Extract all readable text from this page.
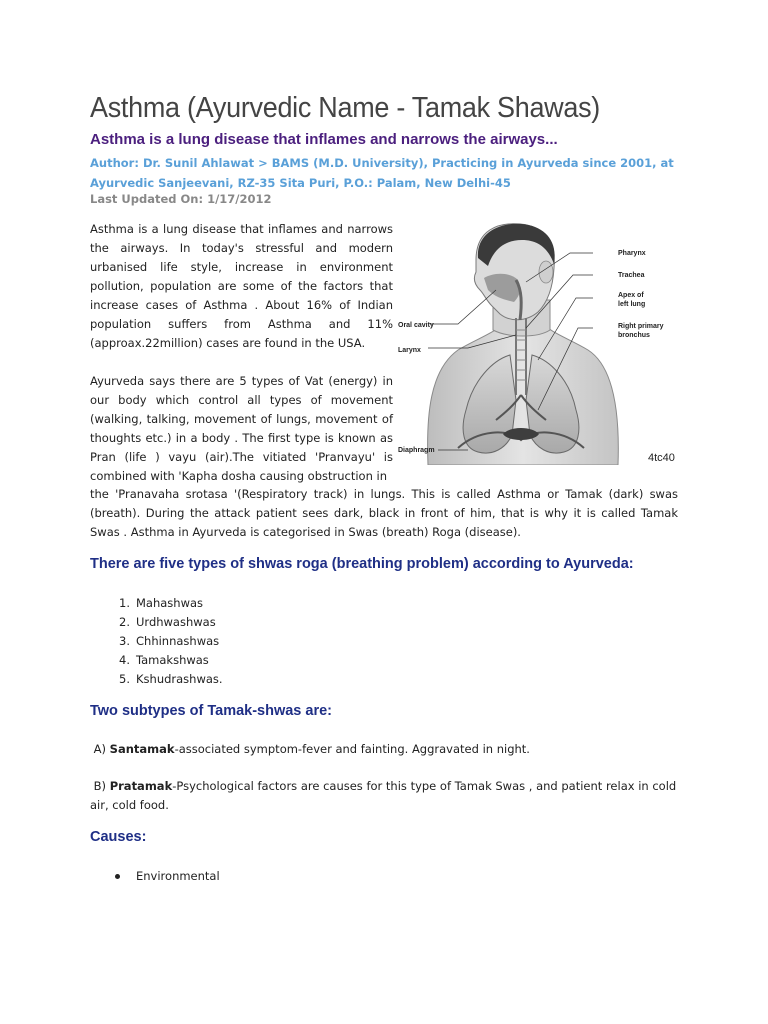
Asthma (Ayurvedic Name - Tamak Shawas)
Asthma is a lung disease that inflames and narrows the airways...
Author: Dr. Sunil Ahlawat > BAMS (M.D. University), Practicing in Ayurveda since 2001, at
Ayurvedic Sanjeevani, RZ-35 Sita Puri, P.O.: Palam, New Delhi-45
Last Updated On: 1/17/2012

Asthma is a lung disease that inflames and narrows the airways. In today's stressful and modern urbanised life style, increase in environment pollution, population are some of the factors that increase cases of Asthma . About 16% of Indian population suffers from Asthma and 11% (approax.22million) cases are found in the USA.

Ayurveda says there are 5 types of Vat (energy) in our body which control all types of movement (walking, talking, movement of lungs, movement of thoughts etc.) in a body . The first type is known as Pran (life ) vayu (air).The vitiated 'Pranvayu' is combined with 'Kapha dosha causing obstruction in

the 'Pranavaha srotasa '(Respiratory track) in lungs. This is called Asthma or Tamak (dark) swas (breath). During the attack patient sees dark, black in front of him, that is why it is called Tamak Swas . Asthma in Ayurveda is categorised in Swas (breath) Roga (disease).

Pharynx
Trachea
Apex of
left lung
Oral cavity	Right primary
bronchus
Larynx
Diaphragm
4tc40
There are five types of shwas roga (breathing problem) according to Ayurveda:
1. Mahashwas
2. Urdhwashwas
3. Chhinnashwas
4. Tamakshwas
5. Kshudrashwas.
Two subtypes of Tamak-shwas are:

A) Santamak-associated symptom-fever and fainting. Aggravated in night.

B) Pratamak-Psychological factors are causes for this type of Tamak Swas , and patient relax in cold air, cold food.

Causes:
Environmental
